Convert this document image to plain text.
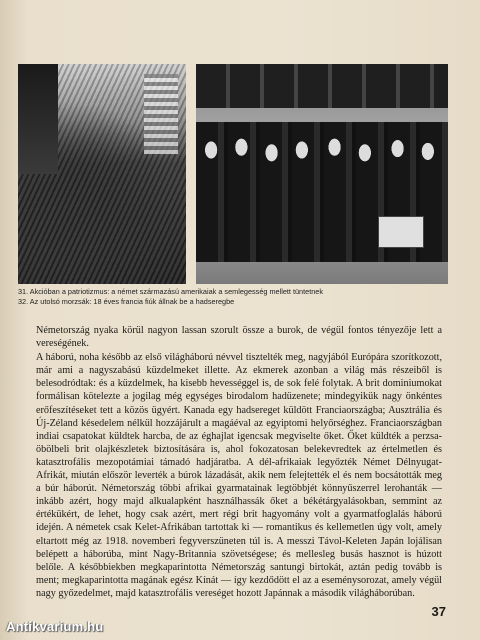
31. Akcióban a patriotizmus: a német származású amerikaiak a semlegesség mellett tüntetnek
32. Az utolsó morzsák: 18 éves francia fiúk állnak be a hadseregbe

Németország nyaka körül nagyon lassan szorult össze a burok, de végül fontos tényezője lett a vereségének.

A háború, noha később az első világháború névvel tisztelték meg, nagyjából Európára szorítkozott, már ami a nagyszabású küzdelmeket illette. Az ekmerek azonban a világ más részeiből is belesodródtak: és a küzdelmek, ha kisebb hevességgel is, de sok felé folytak. A brit dominiumokat formálisan kötelezte a jogilag még egységes birodalom hadüzenete; mindegyikük nagy önkéntes erőfeszítéseket tett a közös ügyért. Kanada egy hadsereget küldött Franciaországba; Ausztrália és Új-Zéland késedelem nélkül hozzájárult a magáéval az egyiptomi helyőrséghez. Franciaországban indiai csapatokat küldtek harcba, de az éghajlat igencsak megviselte őket. Őket küldték a perzsa-öbölbeli brit olajkészletek biztosítására is, ahol fokozatosan belekevredtek az értelmetlen és katasztrofális mezopotámiai támadó hadjáratba. A dél-afrikaiak legyőzték Német Délnyugat-Afrikát, miután először leverték a búrok lázadását, akik nem felejtették el és nem bocsátották meg a búr háborút. Németország többi afrikai gyarmatainak legtöbbjét könnyűszerrel lerohanták — inkább azért, hogy majd alkualapként használhassák őket a békétárgyalásokban, semmint az értékükért, de lehet, hogy csak azért, mert régi brit hagyomány volt a gyarmatfoglalás háború idején. A németek csak Kelet-Afrikában tartottak ki — romantikus és kellemetlen úgy volt, amely eltartott még az 1918. novemberi fegyverszüneten túl is. A messzi Távol-Keleten Japán lojálisan belépett a háborúba, mint Nagy-Britannia szövetségese; és mellesleg busás hasznot is húzott belőle. A későbbiekben megkaparintotta Németország santungi birtokát, aztán pedig tovább is ment; megkaparintotta magának egész Kínát — így kezdődött el az a eseménysorozat, amely végül nagy győzedelmet, majd katasztrofális vereséget hozott Japánnak a második világháborúban.

37
Antikvarium.hu
